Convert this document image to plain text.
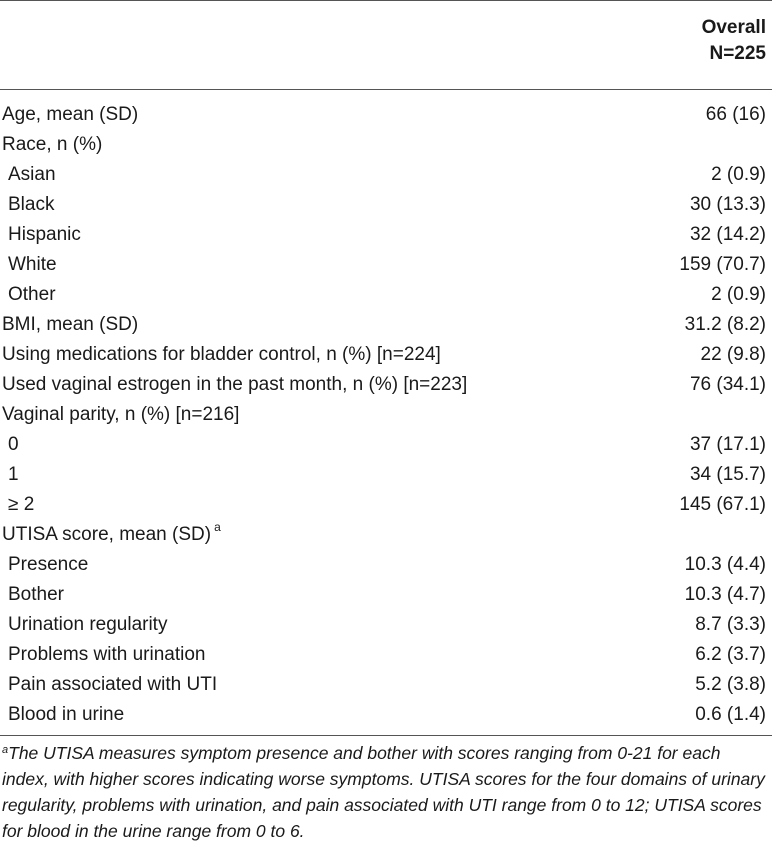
Overall
N=225
Age, mean (SD)	66 (16)
Race, n (%)
Asian	2 (0.9)
Black	30 (13.3)
Hispanic	32 (14.2)
White	159 (70.7)
Other	2 (0.9)
BMI, mean (SD)	31.2 (8.2)
Using medications for bladder control, n (%) [n=224]	22 (9.8)
Used vaginal estrogen in the past month, n (%) [n=223]	76 (34.1)
Vaginal parity, n (%) [n=216]
0	37 (17.1)
1	34 (15.7)
≥ 2	145 (67.1)
UTISA score, mean (SD) $^a$
Presence	10.3 (4.4)
Bother	10.3 (4.7)
Urination regularity	8.7 (3.3)
Problems with urination	6.2 (3.7)
Pain associated with UTI	5.2 (3.8)
Blood in urine	0.6 (1.4)
$^a$The UTISA measures symptom presence and bother with scores ranging from 0-21 for each index, with higher scores indicating worse symptoms. UTISA scores for the four domains of urinary regularity, problems with urination, and pain associated with UTI range from 0 to 12; UTISA scores for blood in the urine range from 0 to 6.
